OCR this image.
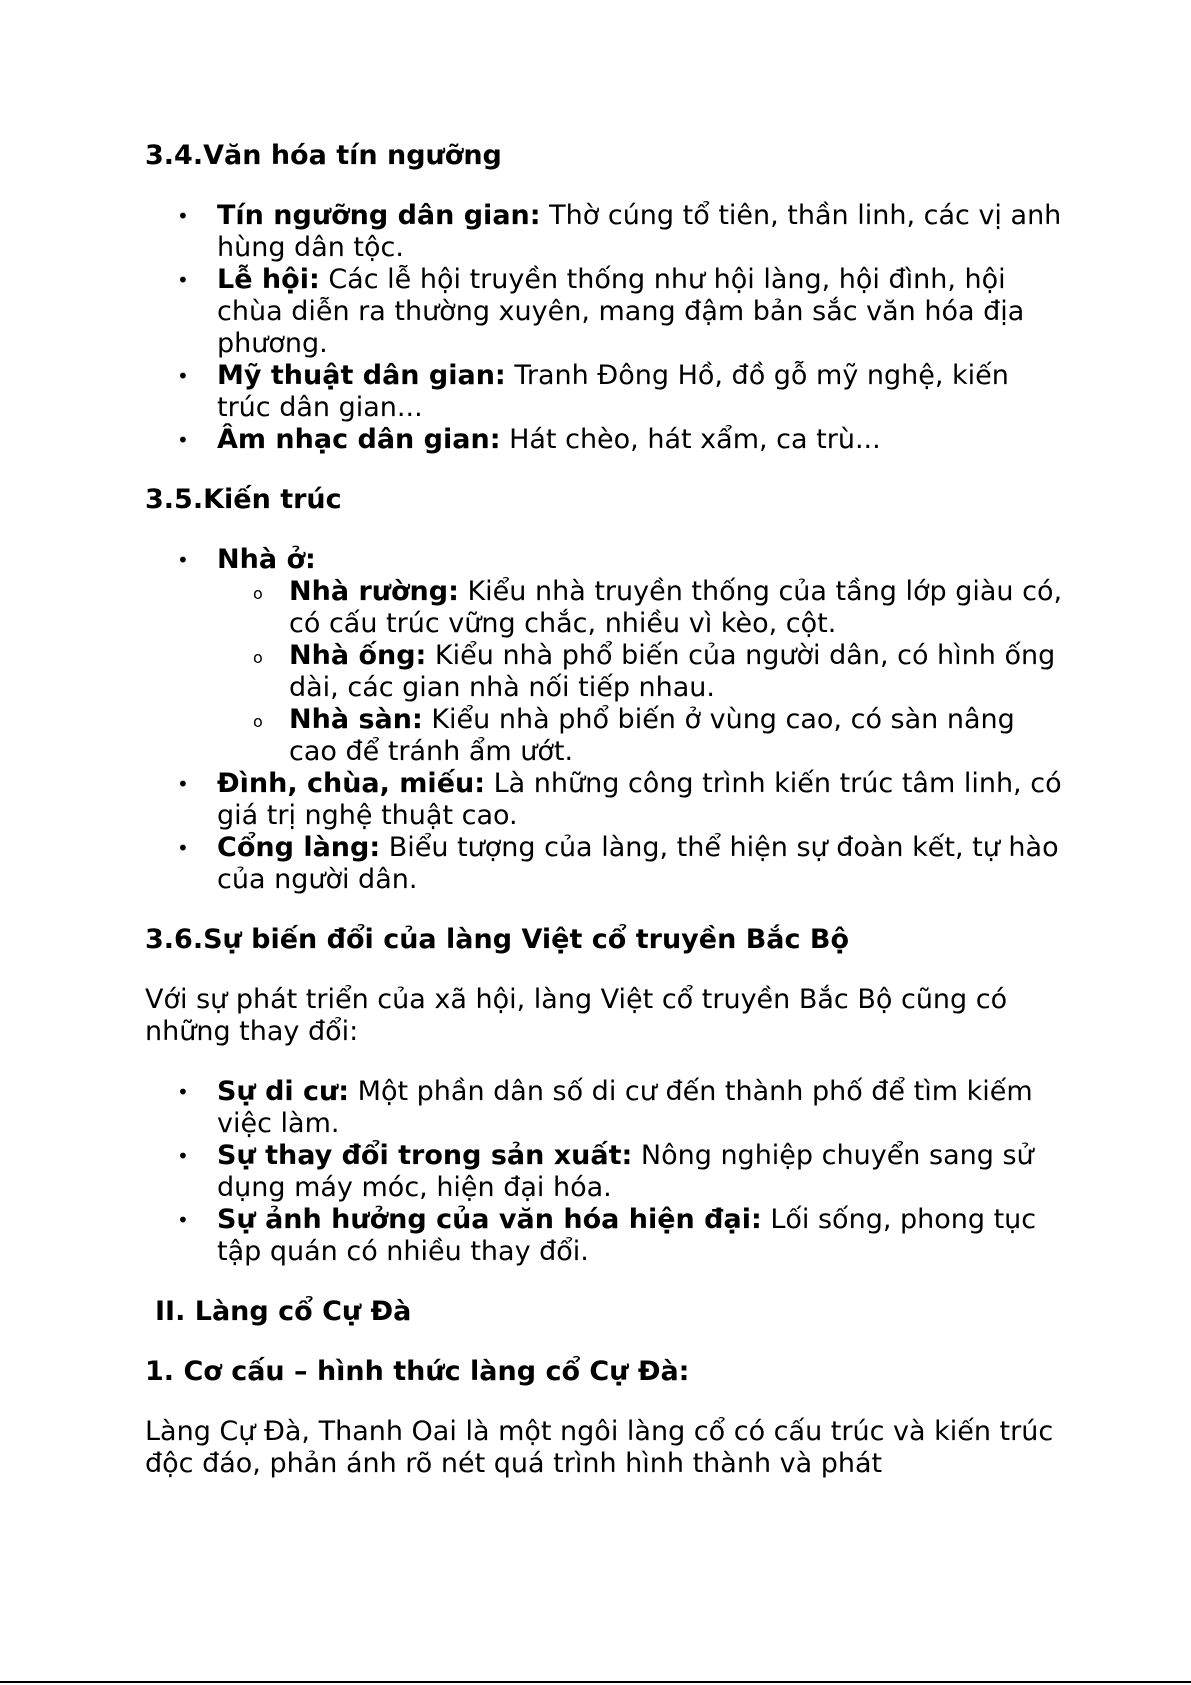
3.4.Văn hóa tín ngưỡng
• Tín ngưỡng dân gian: Thờ cúng tổ tiên, thần linh, các vị anh hùng dân tộc.
• Lễ hội: Các lễ hội truyền thống như hội làng, hội đình, hội chùa diễn ra thường xuyên, mang đậm bản sắc văn hóa địa phương.
• Mỹ thuật dân gian: Tranh Đông Hồ, đồ gỗ mỹ nghệ, kiến trúc dân gian...
• Âm nhạc dân gian: Hát chèo, hát xẩm, ca trù...
3.5.Kiến trúc
• Nhà ở:
o Nhà rường: Kiểu nhà truyền thống của tầng lớp giàu có, có cấu trúc vững chắc, nhiều vì kèo, cột.
o Nhà ống: Kiểu nhà phổ biến của người dân, có hình ống dài, các gian nhà nối tiếp nhau.
o Nhà sàn: Kiểu nhà phổ biến ở vùng cao, có sàn nâng cao để tránh ẩm ướt.
• Đình, chùa, miếu: Là những công trình kiến trúc tâm linh, có giá trị nghệ thuật cao.
• Cổng làng: Biểu tượng của làng, thể hiện sự đoàn kết, tự hào của người dân.
3.6.Sự biến đổi của làng Việt cổ truyền Bắc Bộ

Với sự phát triển của xã hội, làng Việt cổ truyền Bắc Bộ cũng có những thay đổi:

• Sự di cư: Một phần dân số di cư đến thành phố để tìm kiếm việc làm.
• Sự thay đổi trong sản xuất: Nông nghiệp chuyển sang sử dụng máy móc, hiện đại hóa.
• Sự ảnh hưởng của văn hóa hiện đại: Lối sống, phong tục tập quán có nhiều thay đổi.
II. Làng cổ Cự Đà
1. Cơ cấu – hình thức làng cổ Cự Đà:

Làng Cự Đà, Thanh Oai là một ngôi làng cổ có cấu trúc và kiến trúc độc đáo, phản ánh rõ nét quá trình hình thành và phát
